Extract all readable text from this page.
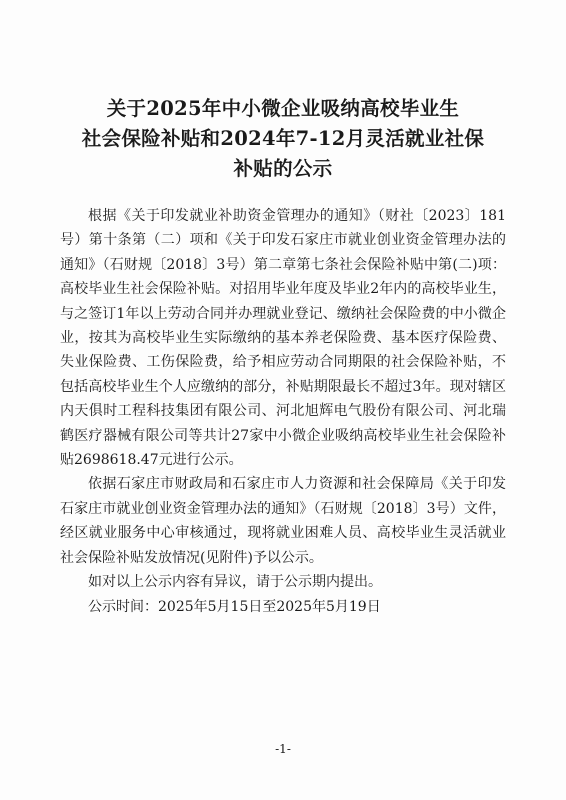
关于2025年中小微企业吸纳高校毕业生
社会保险补贴和2024年7-12月灵活就业社保
补贴的公示

根据《关于印发就业补助资金管理办的通知》（财社〔2023〕181号）第十条第（二）项和《关于印发石家庄市就业创业资金管理办法的通知》（石财规〔2018〕3号）第二章第七条社会保险补贴中第(二)项：高校毕业生社会保险补贴。对招用毕业年度及毕业2年内的高校毕业生，与之签订1年以上劳动合同并办理就业登记、缴纳社会保险费的中小微企业，按其为高校毕业生实际缴纳的基本养老保险费、基本医疗保险费、失业保险费、工伤保险费，给予相应劳动合同期限的社会保险补贴，不包括高校毕业生个人应缴纳的部分，补贴期限最长不超过3年。现对辖区内天俱时工程科技集团有限公司、河北旭辉电气股份有限公司、河北瑞鹤医疗器械有限公司等共计27家中小微企业吸纳高校毕业生社会保险补贴2698618.47元进行公示。

依据石家庄市财政局和石家庄市人力资源和社会保障局《关于印发石家庄市就业创业资金管理办法的通知》（石财规〔2018〕3号）文件，经区就业服务中心审核通过，现将就业困难人员、高校毕业生灵活就业社会保险补贴发放情况(见附件)予以公示。

如对以上公示内容有异议，请于公示期内提出。

公示时间：2025年5月15日至2025年5月19日

-1-
